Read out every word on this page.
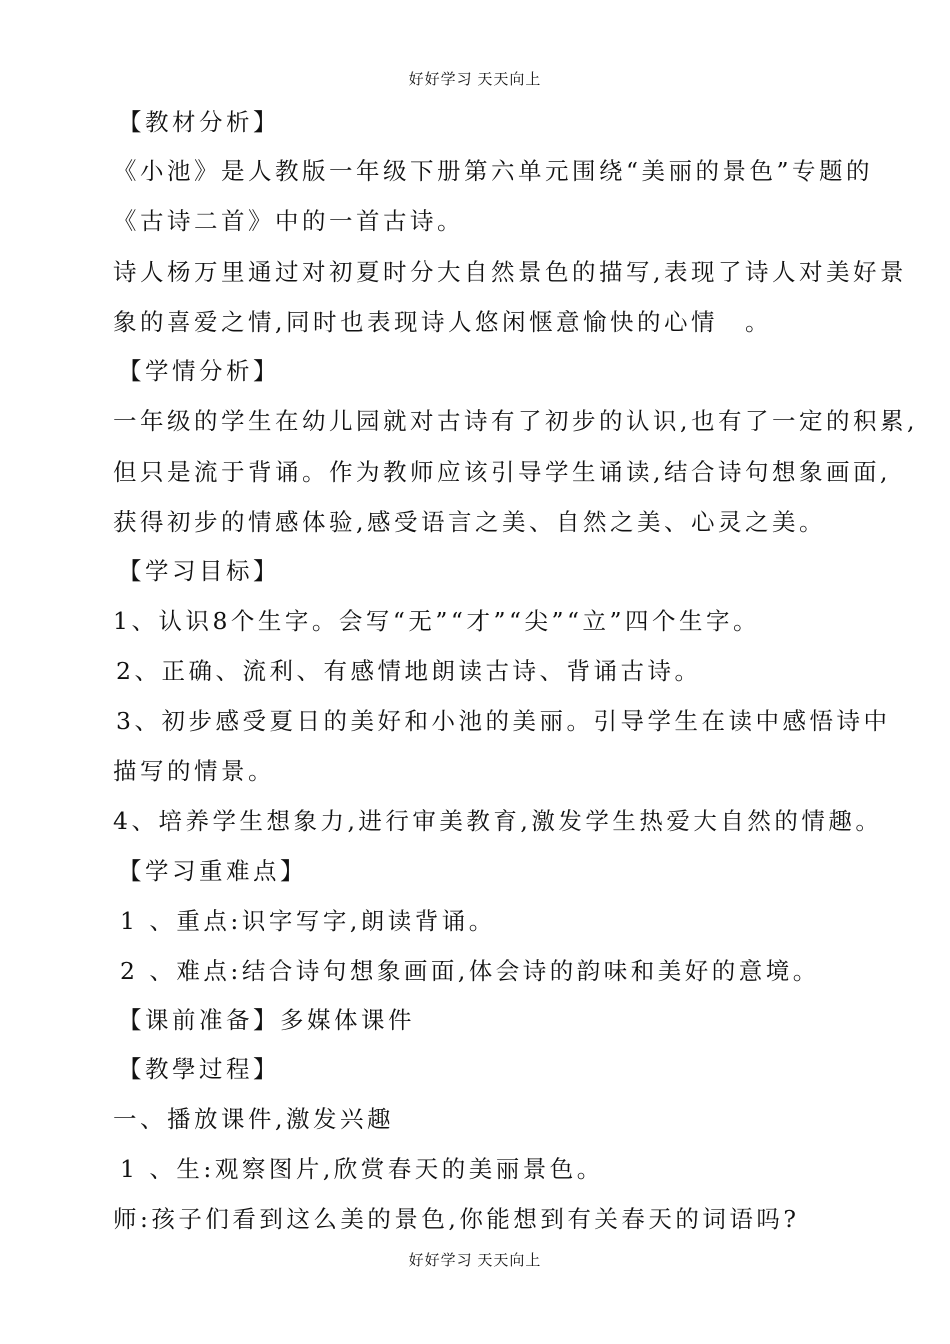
好好学习 天天向上
【教材分析】
《小池》是人教版一年级下册第六单元围绕“美丽的景色”专题的
《古诗二首》中的一首古诗。
诗人杨万里通过对初夏时分大自然景色的描写,表现了诗人对美好景
象的喜爱之情,同时也表现诗人悠闲惬意愉快的心情　。
【学情分析】
一年级的学生在幼儿园就对古诗有了初步的认识,也有了一定的积累,
但只是流于背诵。作为教师应该引导学生诵读,结合诗句想象画面,
获得初步的情感体验,感受语言之美、自然之美、心灵之美。
【学习目标】
1、认识8个生字。会写“无”“才”“尖”“立”四个生字。
2、正确、流利、有感情地朗读古诗、背诵古诗。
3、初步感受夏日的美好和小池的美丽。引导学生在读中感悟诗中
描写的情景。
4、培养学生想象力,进行审美教育,激发学生热爱大自然的情趣。
【学习重难点】
1 、重点:识字写字,朗读背诵。
2 、难点:结合诗句想象画面,体会诗的韵味和美好的意境。
【课前准备】多媒体课件
【教學过程】
一、播放课件,激发兴趣
1 、生:观察图片,欣赏春天的美丽景色。
师:孩子们看到这么美的景色,你能想到有关春天的词语吗?
好好学习 天天向上
